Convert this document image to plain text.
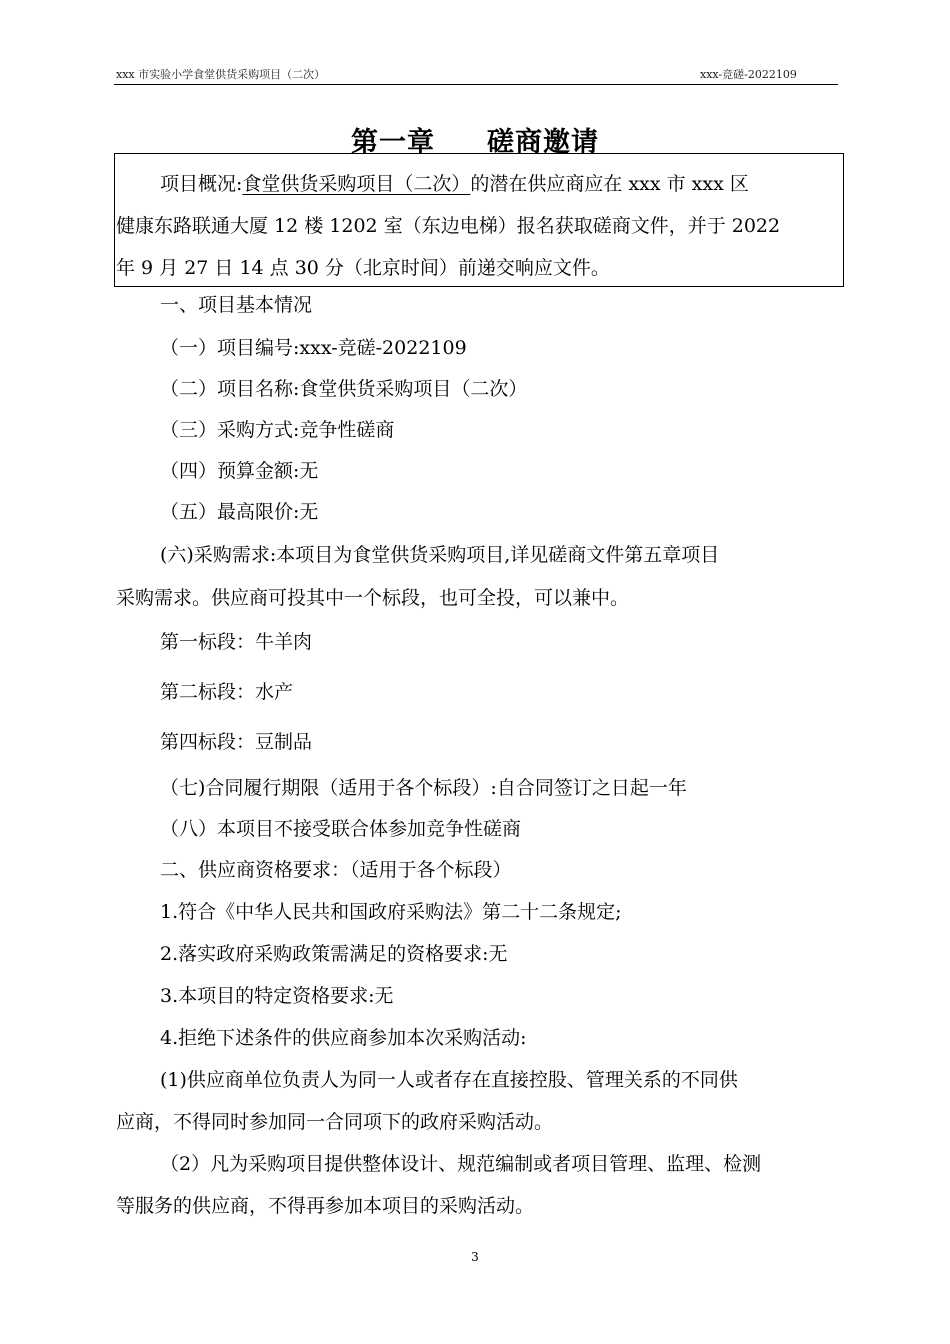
xxx 市实验小学食堂供货采购项目（二次）	xxx-竞磋-2022109
第一章     磋商邀请
项目概况:食堂供货采购项目（二次）的潜在供应商应在 xxx 市 xxx 区
健康东路联通大厦 12 楼 1202 室（东边电梯）报名获取磋商文件，并于 2022
年 9 月 27 日 14 点 30 分（北京时间）前递交响应文件。
一、项目基本情况
（一）项目编号:xxx-竞磋-2022109
（二）项目名称:食堂供货采购项目（二次）
（三）采购方式:竞争性磋商
（四）预算金额:无
（五）最高限价:无
(六)采购需求:本项目为食堂供货采购项目,详见磋商文件第五章项目
采购需求。供应商可投其中一个标段，也可全投，可以兼中。
第一标段：牛羊肉
第二标段：水产
第四标段：豆制品
（七)合同履行期限（适用于各个标段）:自合同签订之日起一年
（八）本项目不接受联合体参加竞争性磋商
二、供应商资格要求：（适用于各个标段）
1.符合《中华人民共和国政府采购法》第二十二条规定;
2.落实政府采购政策需满足的资格要求:无
3.本项目的特定资格要求:无
4.拒绝下述条件的供应商参加本次采购活动:
(1)供应商单位负责人为同一人或者存在直接控股、管理关系的不同供
应商，不得同时参加同一合同项下的政府采购活动。
（2）凡为采购项目提供整体设计、规范编制或者项目管理、监理、检测
等服务的供应商，不得再参加本项目的采购活动。
3
